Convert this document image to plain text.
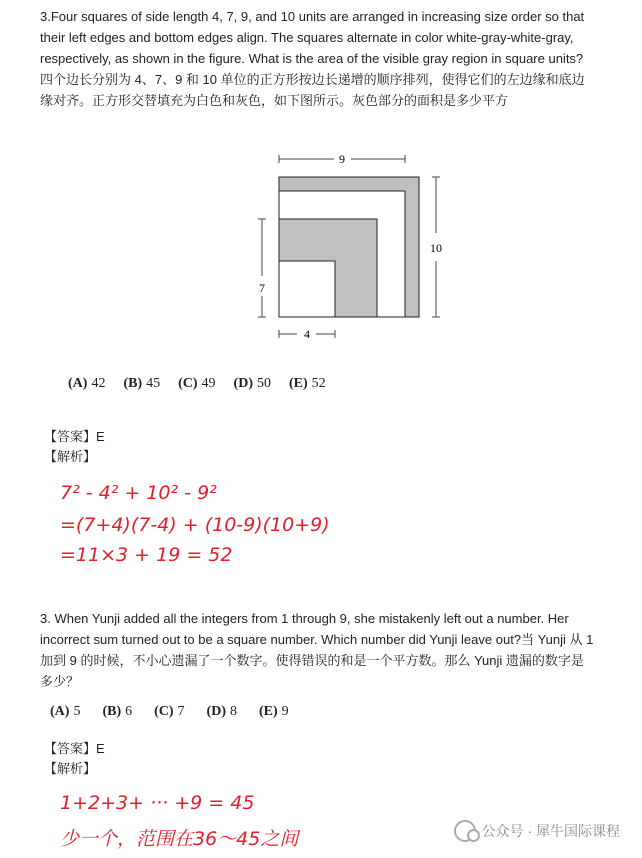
3.Four squares of side length 4, 7, 9, and 10 units are arranged in increasing size order so that their left edges and bottom edges align. The squares alternate in color white-gray-white-gray, respectively, as shown in the figure. What is the area of the visible gray region in square units?四个边长分别为 4、7、9 和 10 单位的正方形按边长递增的顺序排列，使得它们的左边缘和底边缘对齐。正方形交替填充为白色和灰色，如下图所示。灰色部分的面积是多少平方

9
10
7
4
(A) 42 (B) 45 (C) 49 (D) 50 (E) 52
【答案】E
【解析】
7² - 4² + 10² - 9²
=(7+4)(7-4) + (10-9)(10+9)
=11×3 + 19 = 52

3. When Yunji added all the integers from 1 through 9, she mistakenly left out a number. Her incorrect sum turned out to be a square number. Which number did Yunji leave out?当 Yunji 从 1 加到 9 的时候，不小心遗漏了一个数字。使得错误的和是一个平方数。那么 Yunji 遗漏的数字是多少？

(A) 5 (B) 6 (C) 7 (D) 8 (E) 9
【答案】E
【解析】
1+2+3+ ··· +9 = 45
少一个，范围在36～45之间	公众号 · 犀牛国际课程
